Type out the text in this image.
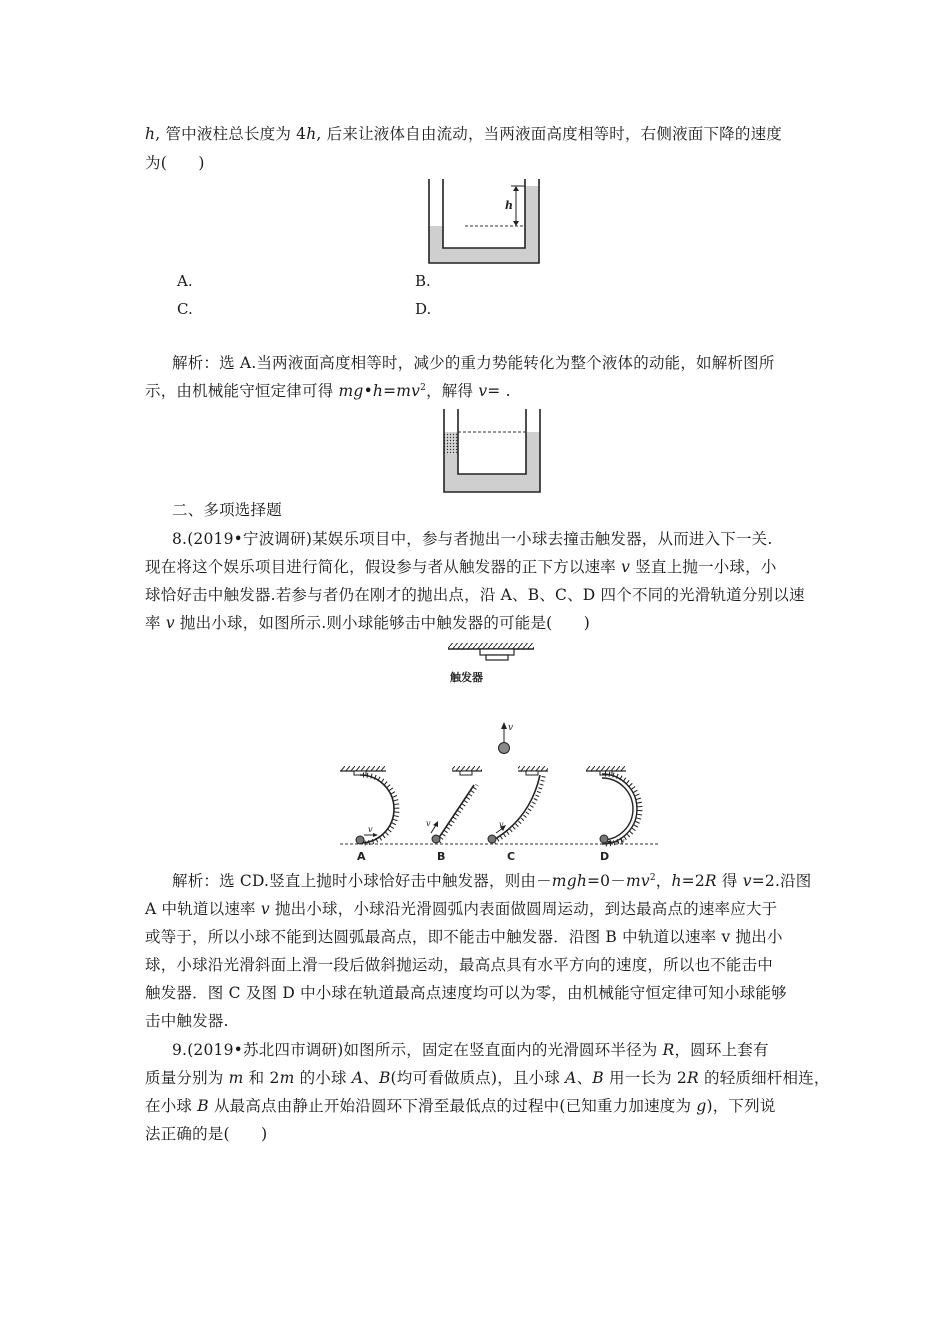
h, 管中液柱总长度为 4h, 后来让液体自由流动，当两液面高度相等时，右侧液面下降的速度
为(　　)
h
A.	B.
C.	D.
解析：选 A.当两液面高度相等时，减少的重力势能转化为整个液体的动能，如解析图所
示，由机械能守恒定律可得 $mg•h=mv^2$，解得 v= .
二、多项选择题
8.(2019•宁波调研)某娱乐项目中，参与者抛出一小球去撞击触发器，从而进入下一关.
现在将这个娱乐项目进行简化，假设参与者从触发器的正下方以速率 v 竖直上抛一小球，小
球恰好击中触发器.若参与者仍在刚才的抛出点，沿 A、B、C、D 四个不同的光滑轨道分别以速
率 v 抛出小球，如图所示.则小球能够击中触发器的可能是(　　)
触发器
v
v
A
v
B
v
C
v
D
解析：选 CD.竖直上抛时小球恰好击中触发器，则由$-mgh=0-mv^2$，h=2R 得 v=2.沿图
A 中轨道以速率 v 抛出小球，小球沿光滑圆弧内表面做圆周运动，到达最高点的速率应大于
或等于，所以小球不能到达圆弧最高点，即不能击中触发器．沿图 B 中轨道以速率 v 抛出小
球，小球沿光滑斜面上滑一段后做斜抛运动，最高点具有水平方向的速度，所以也不能击中
触发器．图 C 及图 D 中小球在轨道最高点速度均可以为零，由机械能守恒定律可知小球能够
击中触发器.
9.(2019•苏北四市调研)如图所示，固定在竖直面内的光滑圆环半径为 R，圆环上套有
质量分别为 m 和 2m 的小球 A、B(均可看做质点)，且小球 A、B 用一长为 2R 的轻质细杆相连，
在小球 B 从最高点由静止开始沿圆环下滑至最低点的过程中(已知重力加速度为 g)，下列说
法正确的是(　　)
